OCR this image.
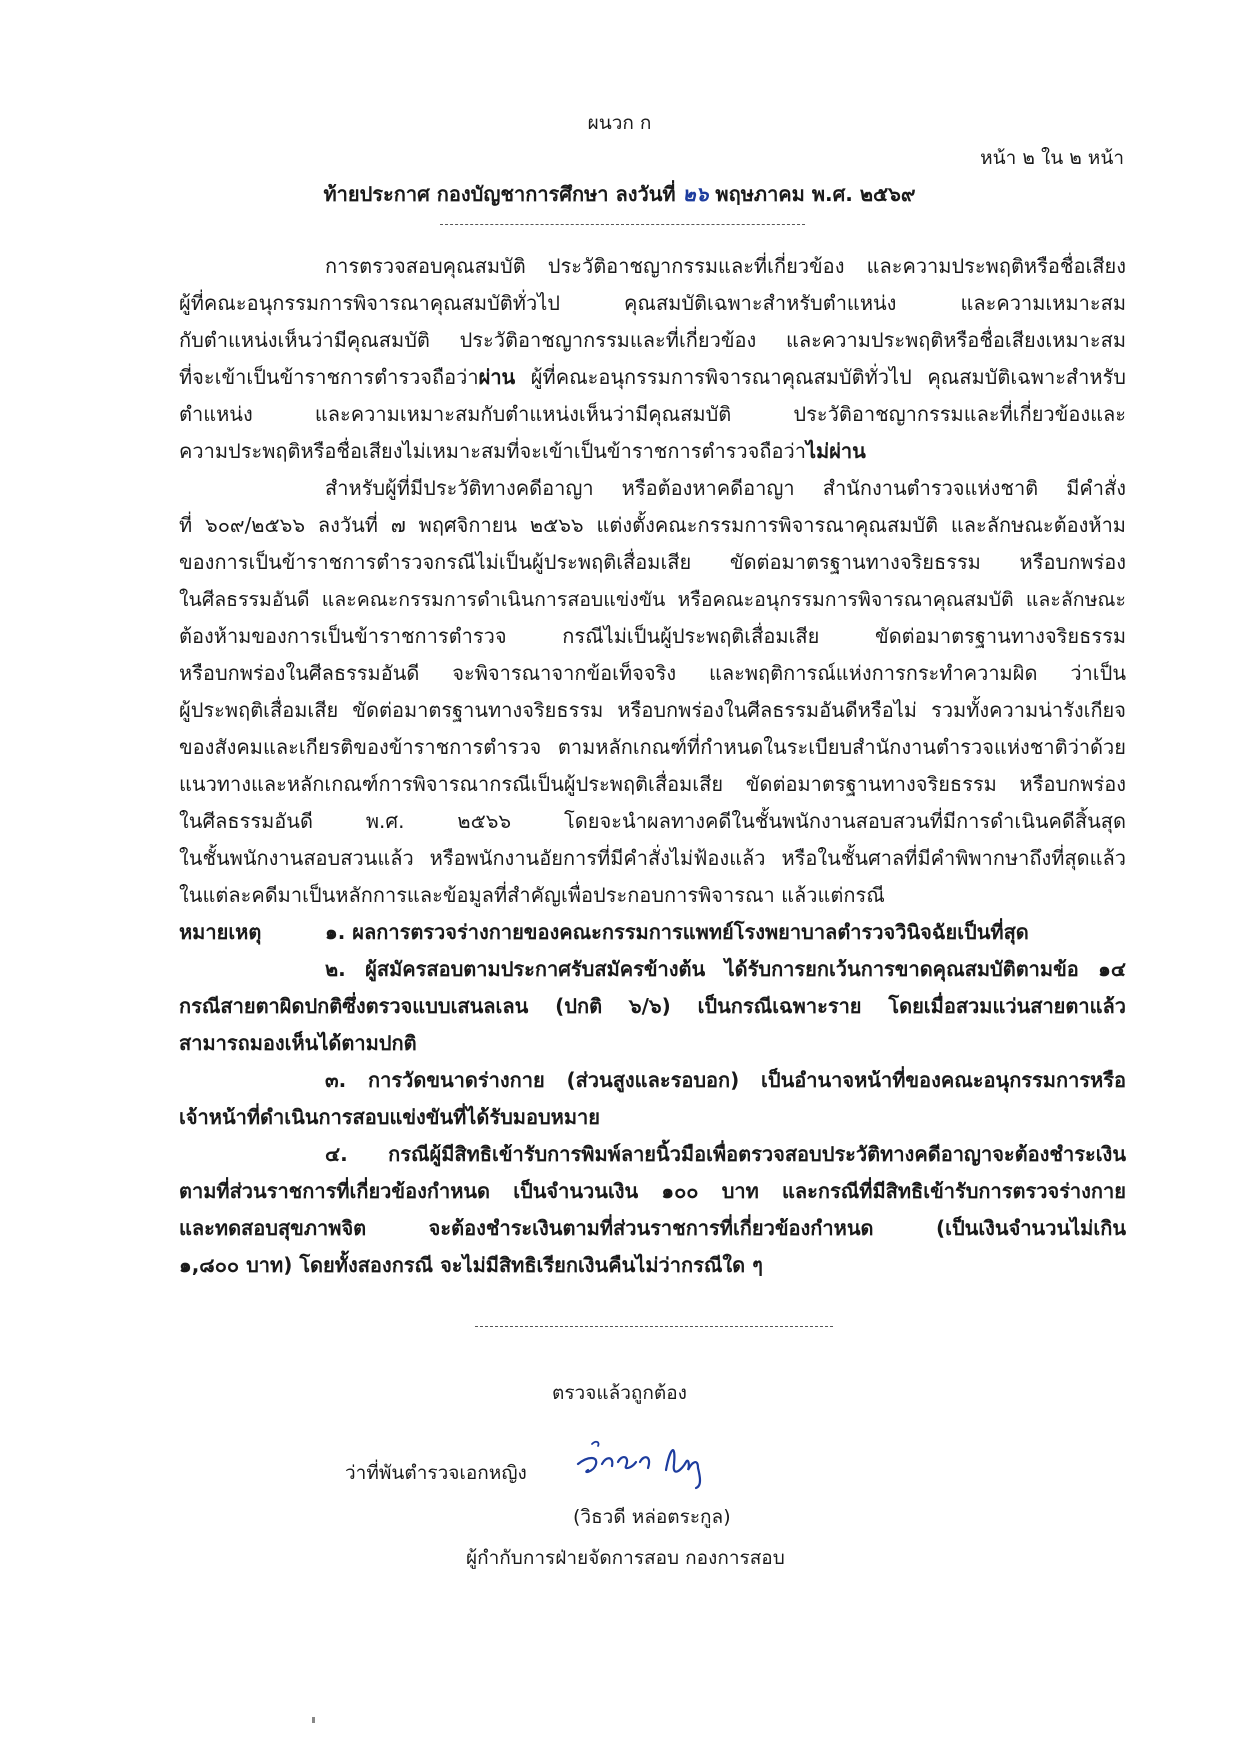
ผนวก ก
หน้า ๒ ใน ๒ หน้า
ท้ายประกาศ กองบัญชาการศึกษา ลงวันที่ ๒๖ พฤษภาคม พ.ศ. ๒๕๖๙
การตรวจสอบคุณสมบัติ ประวัติอาชญากรรมและที่เกี่ยวข้อง และความประพฤติหรือชื่อเสียง
ผู้ที่คณะอนุกรรมการพิจารณาคุณสมบัติทั่วไป คุณสมบัติเฉพาะสำหรับตำแหน่ง และความเหมาะสม
กับตำแหน่งเห็นว่ามีคุณสมบัติ ประวัติอาชญากรรมและที่เกี่ยวข้อง และความประพฤติหรือชื่อเสียงเหมาะสม
ที่จะเข้าเป็นข้าราชการตำรวจถือว่าผ่าน ผู้ที่คณะอนุกรรมการพิจารณาคุณสมบัติทั่วไป คุณสมบัติเฉพาะสำหรับ
ตำแหน่ง และความเหมาะสมกับตำแหน่งเห็นว่ามีคุณสมบัติ ประวัติอาชญากรรมและที่เกี่ยวข้องและ
ความประพฤติหรือชื่อเสียงไม่เหมาะสมที่จะเข้าเป็นข้าราชการตำรวจถือว่าไม่ผ่าน
สำหรับผู้ที่มีประวัติทางคดีอาญา หรือต้องหาคดีอาญา สำนักงานตำรวจแห่งชาติ มีคำสั่ง
ที่ ๖๐๙/๒๕๖๖ ลงวันที่ ๗ พฤศจิกายน ๒๕๖๖ แต่งตั้งคณะกรรมการพิจารณาคุณสมบัติ และลักษณะต้องห้าม
ของการเป็นข้าราชการตำรวจกรณีไม่เป็นผู้ประพฤติเสื่อมเสีย ขัดต่อมาตรฐานทางจริยธรรม หรือบกพร่อง
ในศีลธรรมอันดี และคณะกรรมการดำเนินการสอบแข่งขัน หรือคณะอนุกรรมการพิจารณาคุณสมบัติ และลักษณะ
ต้องห้ามของการเป็นข้าราชการตำรวจ กรณีไม่เป็นผู้ประพฤติเสื่อมเสีย ขัดต่อมาตรฐานทางจริยธรรม
หรือบกพร่องในศีลธรรมอันดี จะพิจารณาจากข้อเท็จจริง และพฤติการณ์แห่งการกระทำความผิด ว่าเป็น
ผู้ประพฤติเสื่อมเสีย ขัดต่อมาตรฐานทางจริยธรรม หรือบกพร่องในศีลธรรมอันดีหรือไม่ รวมทั้งความน่ารังเกียจ
ของสังคมและเกียรติของข้าราชการตำรวจ ตามหลักเกณฑ์ที่กำหนดในระเบียบสำนักงานตำรวจแห่งชาติว่าด้วย
แนวทางและหลักเกณฑ์การพิจารณากรณีเป็นผู้ประพฤติเสื่อมเสีย ขัดต่อมาตรฐานทางจริยธรรม หรือบกพร่อง
ในศีลธรรมอันดี พ.ศ. ๒๕๖๖ โดยจะนำผลทางคดีในชั้นพนักงานสอบสวนที่มีการดำเนินคดีสิ้นสุด
ในชั้นพนักงานสอบสวนแล้ว หรือพนักงานอัยการที่มีคำสั่งไม่ฟ้องแล้ว หรือในชั้นศาลที่มีคำพิพากษาถึงที่สุดแล้ว
ในแต่ละคดีมาเป็นหลักการและข้อมูลที่สำคัญเพื่อประกอบการพิจารณา แล้วแต่กรณี
หมายเหตุ	๑. ผลการตรวจร่างกายของคณะกรรมการแพทย์โรงพยาบาลตำรวจวินิจฉัยเป็นที่สุด
๒. ผู้สมัครสอบตามประกาศรับสมัครข้างต้น ได้รับการยกเว้นการขาดคุณสมบัติตามข้อ ๑๔
กรณีสายตาผิดปกติซึ่งตรวจแบบเสนลเลน (ปกติ ๖/๖) เป็นกรณีเฉพาะราย โดยเมื่อสวมแว่นสายตาแล้ว
สามารถมองเห็นได้ตามปกติ
๓. การวัดขนาดร่างกาย (ส่วนสูงและรอบอก) เป็นอำนาจหน้าที่ของคณะอนุกรรมการหรือ
เจ้าหน้าที่ดำเนินการสอบแข่งขันที่ได้รับมอบหมาย
๔. กรณีผู้มีสิทธิเข้ารับการพิมพ์ลายนิ้วมือเพื่อตรวจสอบประวัติทางคดีอาญาจะต้องชำระเงิน
ตามที่ส่วนราชการที่เกี่ยวข้องกำหนด เป็นจำนวนเงิน ๑๐๐ บาท และกรณีที่มีสิทธิเข้ารับการตรวจร่างกาย
และทดสอบสุขภาพจิต จะต้องชำระเงินตามที่ส่วนราชการที่เกี่ยวข้องกำหนด (เป็นเงินจำนวนไม่เกิน
๑,๘๐๐ บาท) โดยทั้งสองกรณี จะไม่มีสิทธิเรียกเงินคืนไม่ว่ากรณีใด ๆ
ตรวจแล้วถูกต้อง
ว่าที่พันตำรวจเอกหญิง
(วิธวดี หล่อตระกูล)
ผู้กำกับการฝ่ายจัดการสอบ กองการสอบ
